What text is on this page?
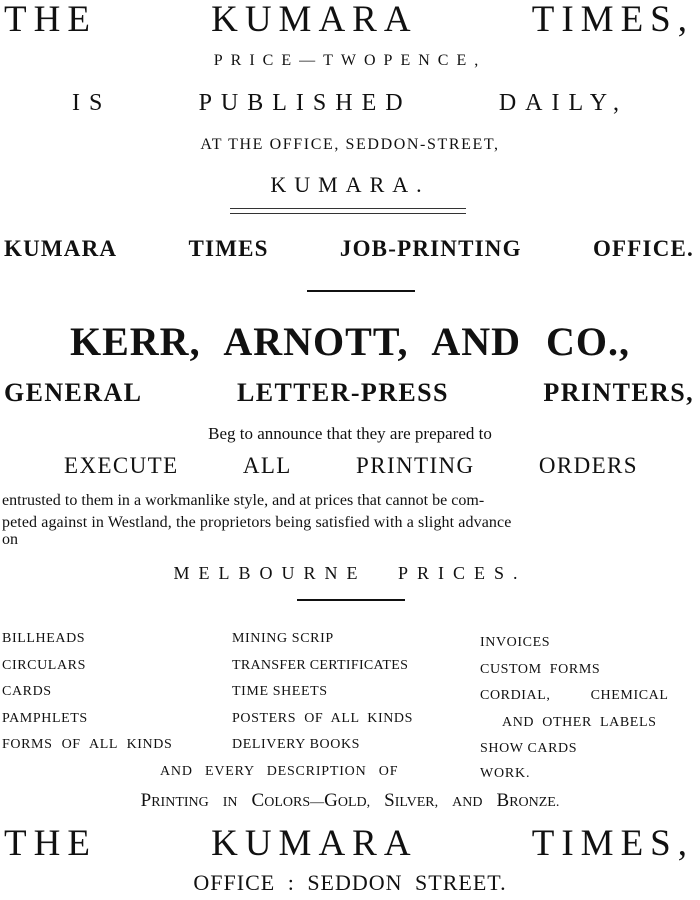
THE	KUMARA	TIMES,
PRICE—TWOPENCE,
IS	PUBLISHED	DAILY,
AT THE OFFICE, SEDDON-STREET,
KUMARA.
KUMARA	TIMES	JOB-PRINTING	OFFICE.
KERR, ARNOTT, AND CO.,
GENERAL	LETTER-PRESS	PRINTERS,
Beg to announce that they are prepared to
EXECUTE	ALL	PRINTING	ORDERS
entrusted to them in a workmanlike style, and at prices that cannot be com-
peted against in Westland, the proprietors being satisfied with a slight advance
on
MELBOURNE PRICES.
BILLHEADS
CIRCULARS
CARDS
PAMPHLETS
FORMS OF ALL KINDS
MINING SCRIP
TRANSFER CERTIFICATES
TIME SHEETS
POSTERS OF ALL KINDS
DELIVERY BOOKS
INVOICES
CUSTOM FORMS
CORDIAL, CHEMICAL
AND OTHER LABELS
SHOW CARDS
AND EVERY DESCRIPTION OF	WORK.
PRINTING IN COLORS—GOLD, SILVER, AND BRONZE.
THE	KUMARA	TIMES,
OFFICE : SEDDON STREET.
